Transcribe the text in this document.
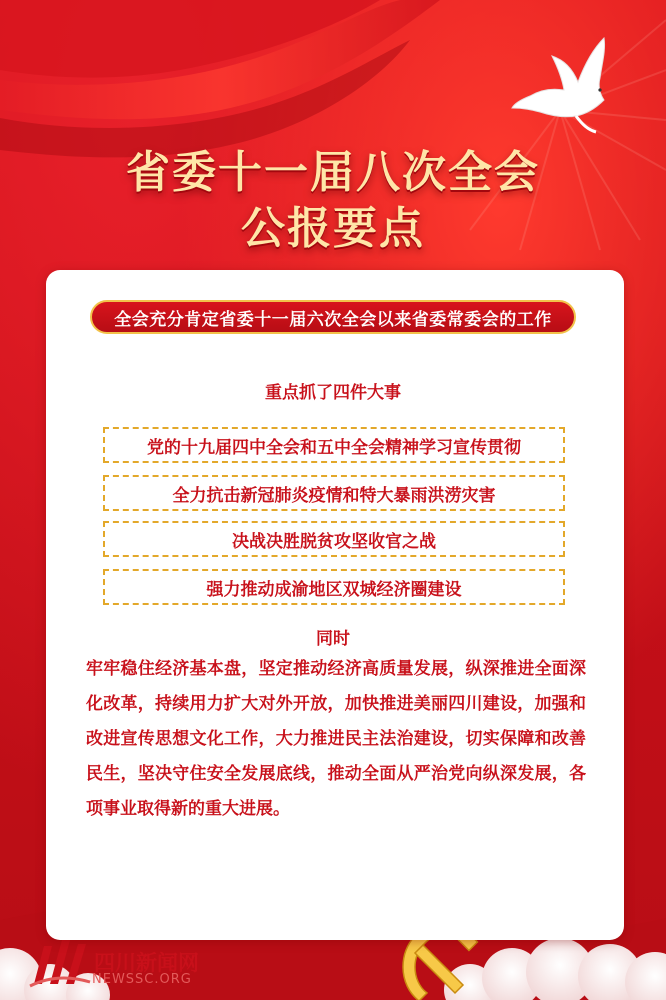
省委十一届八次全会
公报要点
全会充分肯定省委十一届六次全会以来省委常委会的工作
重点抓了四件大事
党的十九届四中全会和五中全会精神学习宣传贯彻
全力抗击新冠肺炎疫情和特大暴雨洪涝灾害
决战决胜脱贫攻坚收官之战
强力推动成渝地区双城经济圈建设
同时
牢牢稳住经济基本盘，坚定推动经济高质量发展，纵深推进全面深化改革，持续用力扩大对外开放，加快推进美丽四川建设，加强和改进宣传思想文化工作，大力推进民主法治建设，切实保障和改善民生，坚决守住安全发展底线，推动全面从严治党向纵深发展，各项事业取得新的重大进展。
四川新闻网
NEWSSC.ORG
